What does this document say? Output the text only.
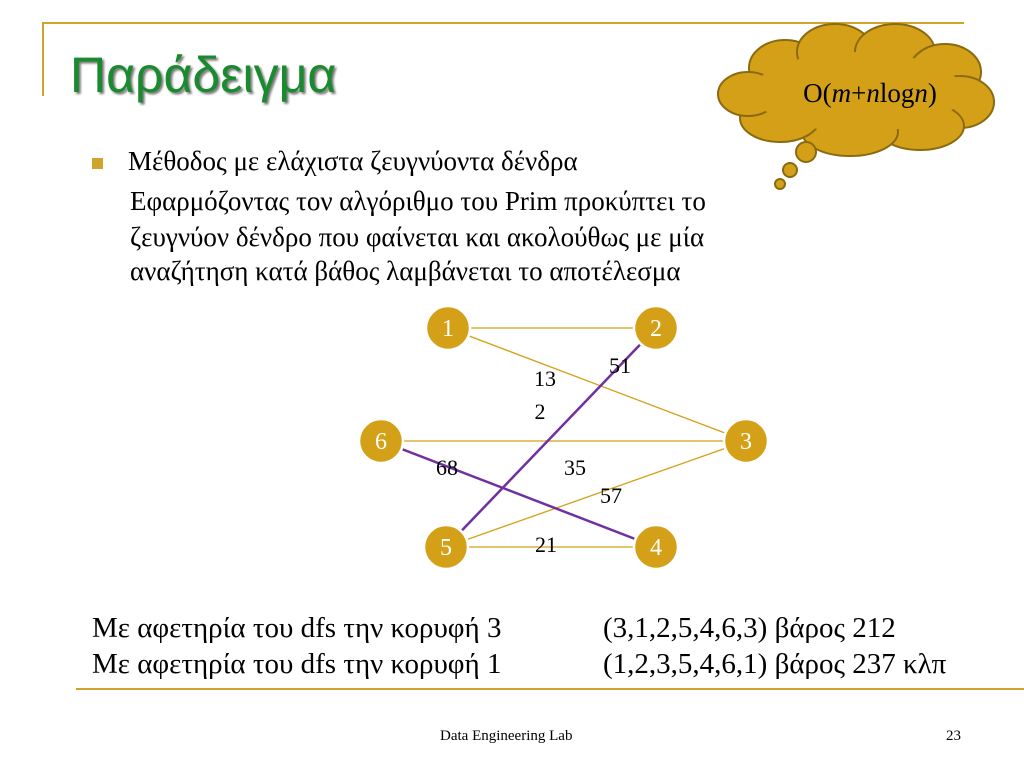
Παράδειγμα
1	2
3
4
5
6
13
51
2
68	35
57
21
O(m+nlogn)
Μέθοδος με ελάχιστα ζευγνύοντα δένδρα
Εφαρμόζοντας τον αλγόριθμο του Prim προκύπτει το
ζευγνύον δένδρο που φαίνεται και ακολούθως με μία
αναζήτηση κατά βάθος λαμβάνεται το αποτέλεσμα
Με αφετηρία του dfs την κορυφή 3	(3,1,2,5,4,6,3) βάρος 212
Με αφετηρία του dfs την κορυφή 1	(1,2,3,5,4,6,1) βάρος 237 κλπ
Data Engineering Lab	23
